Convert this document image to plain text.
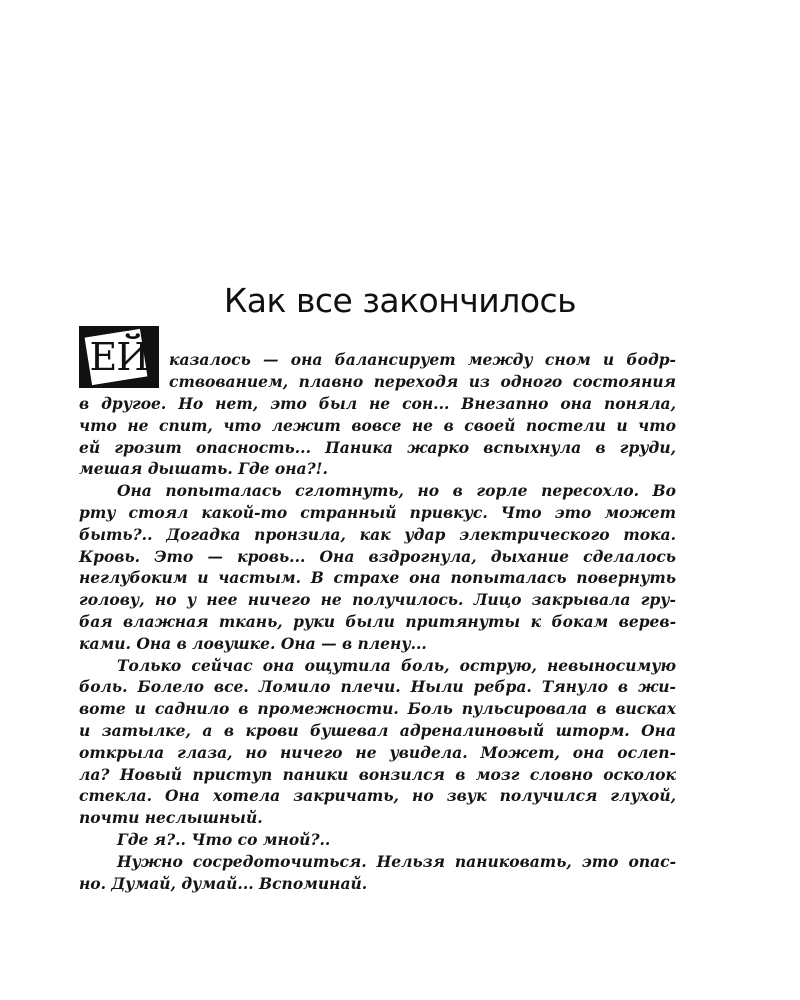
Как все закончилось
ЕЙ	казалось — она балансирует между сном и бодр-
ствованием, плавно переходя из одного состояния
в другое. Но нет, это был не сон... Внезапно она поняла,
что не спит, что лежит вовсе не в своей постели и что
ей грозит опасность... Паника жарко вспыхнула в груди,
мешая дышать. Где она?!.
Она попыталась сглотнуть, но в горле пересохло. Во
рту стоял какой-то странный привкус. Что это может
быть?.. Догадка пронзила, как удар электрического тока.
Кровь. Это — кровь... Она вздрогнула, дыхание сделалось
неглубоким и частым. В страхе она попыталась повернуть
голову, но у нее ничего не получилось. Лицо закрывала гру-
бая влажная ткань, руки были притянуты к бокам верев-
ками. Она в ловушке. Она — в плену...
Только сейчас она ощутила боль, острую, невыносимую
боль. Болело все. Ломило плечи. Ныли ребра. Тянуло в жи-
воте и саднило в промежности. Боль пульсировала в висках
и затылке, а в крови бушевал адреналиновый шторм. Она
открыла глаза, но ничего не увидела. Может, она ослеп-
ла? Новый приступ паники вонзился в мозг словно осколок
стекла. Она хотела закричать, но звук получился глухой,
почти неслышный.
Где я?.. Что со мной?..
Нужно сосредоточиться. Нельзя паниковать, это опас-
но. Думай, думай... Вспоминай.
